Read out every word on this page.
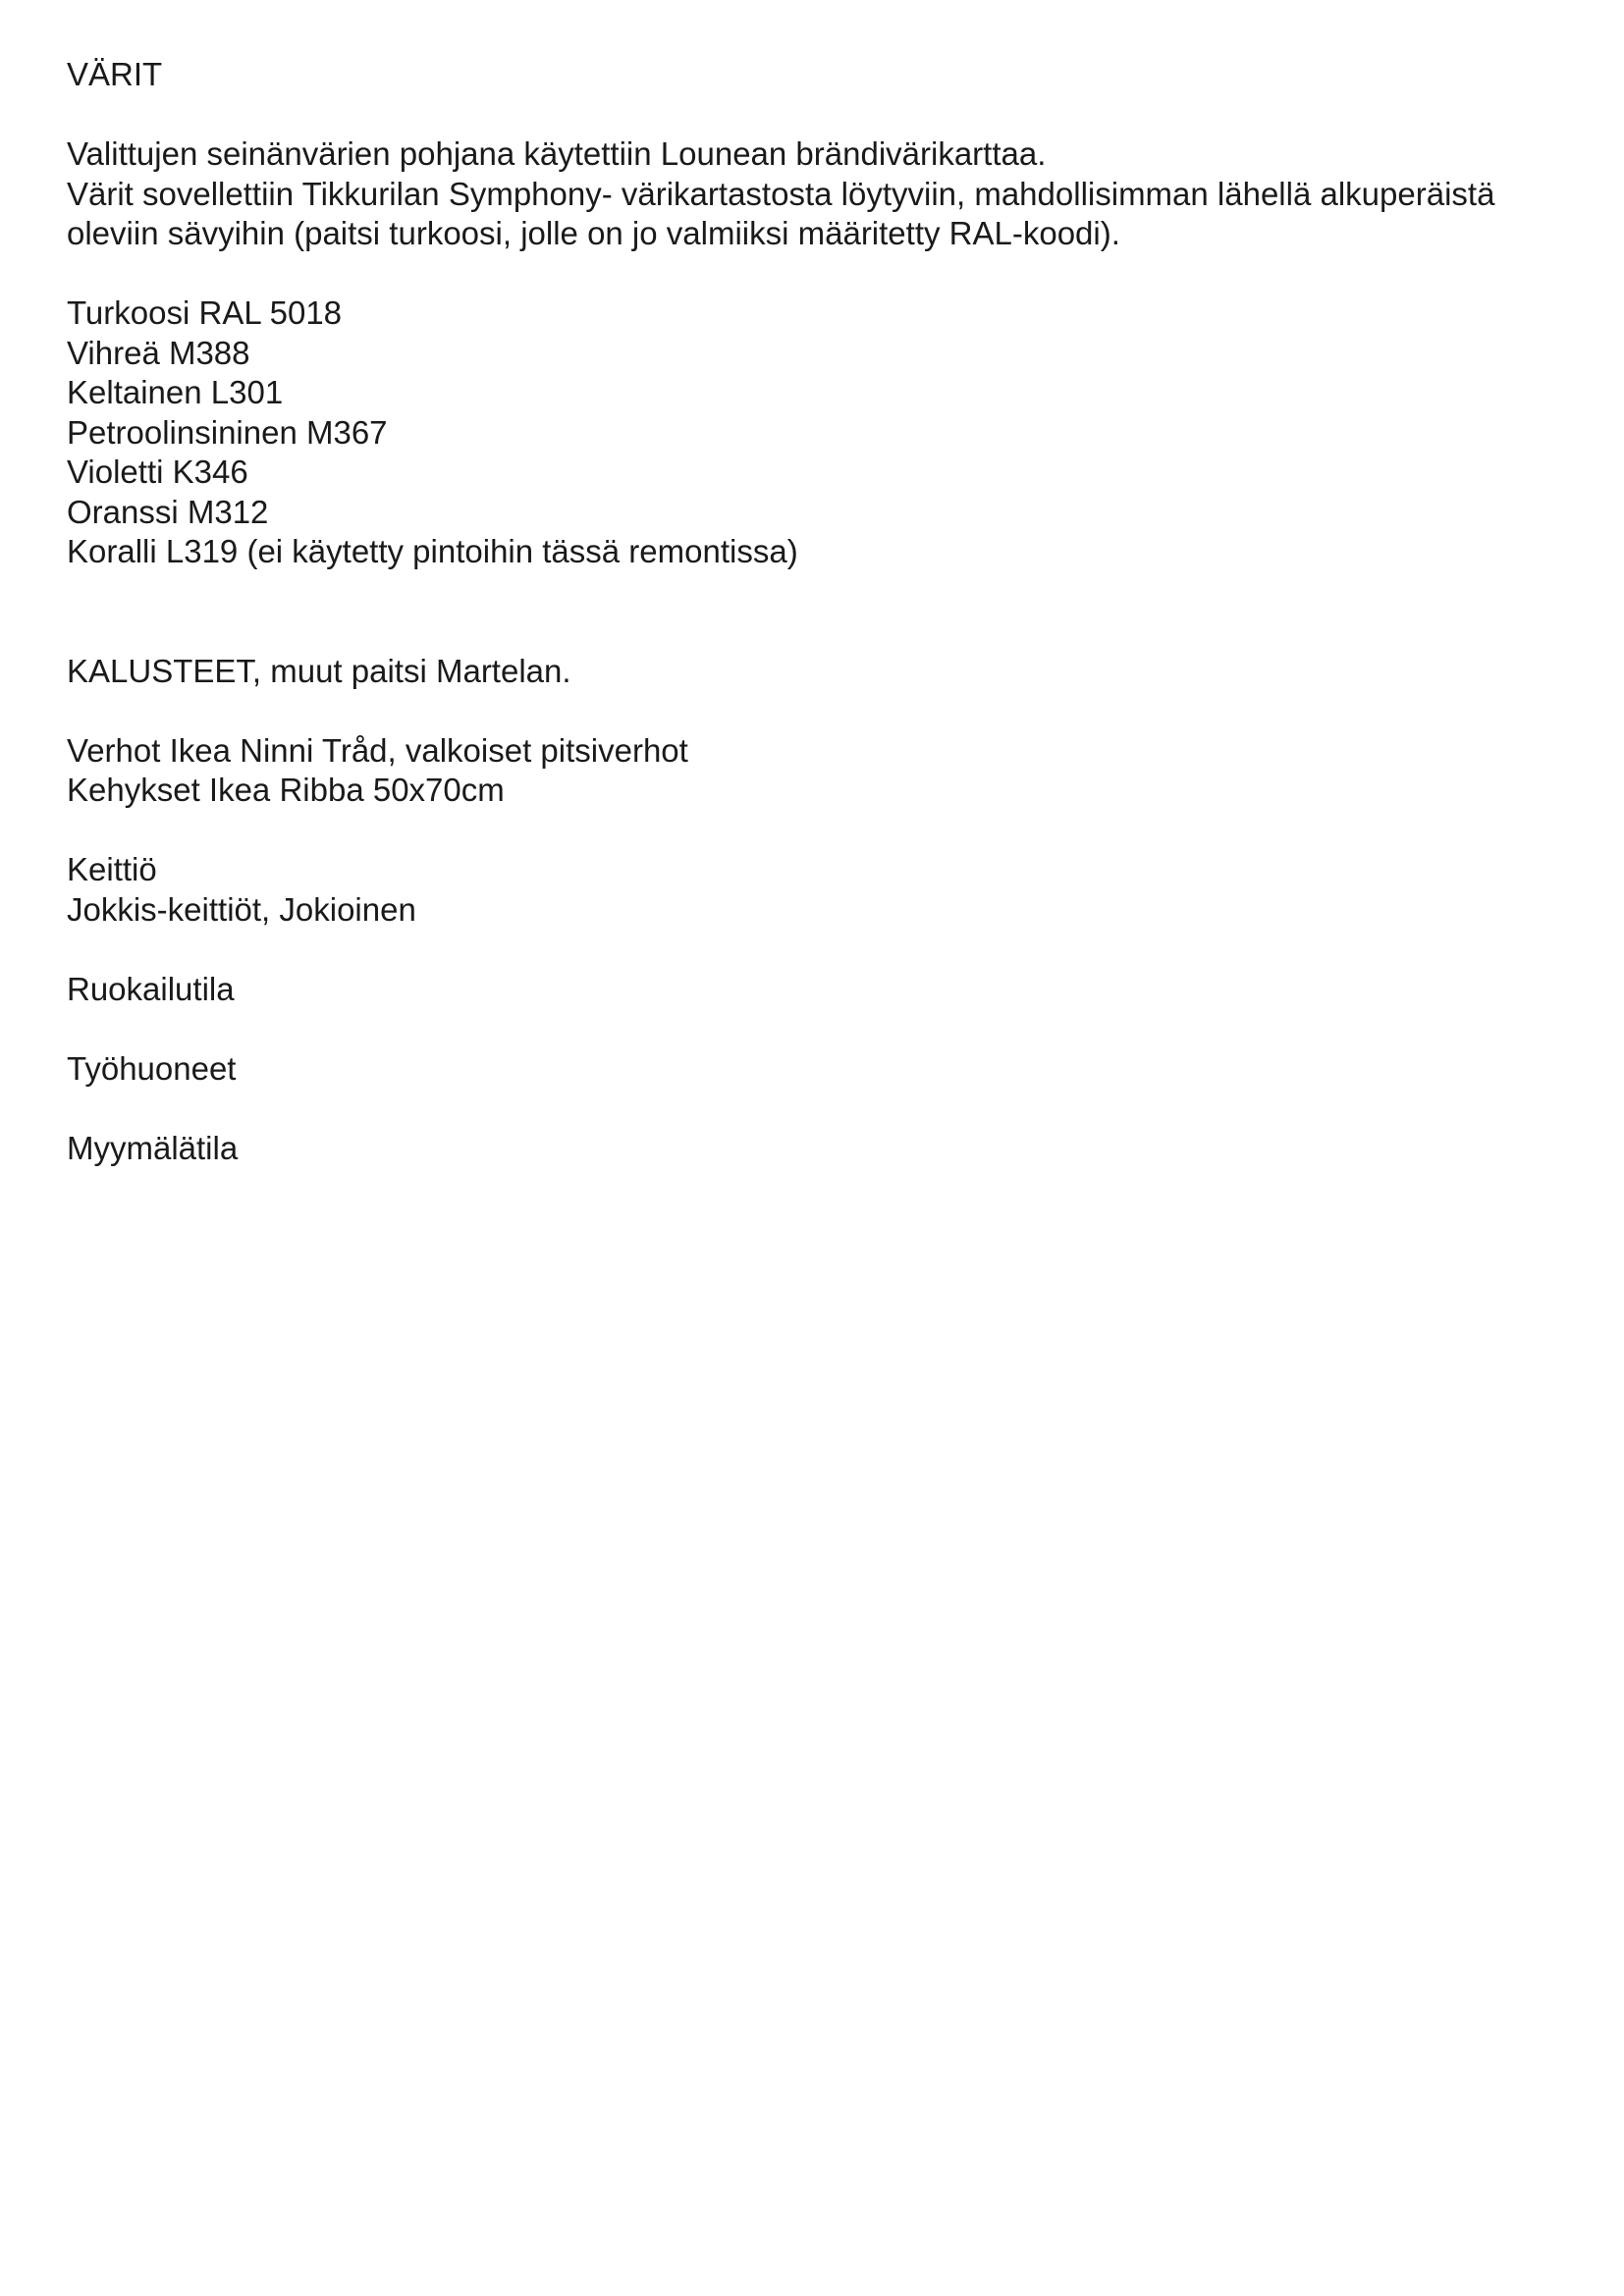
VÄRIT
Valittujen seinänvärien pohjana käytettiin Lounean brändivärikarttaa.
Värit sovellettiin Tikkurilan Symphony- värikartastosta löytyviin, mahdollisimman lähellä alkuperäistä
oleviin sävyihin (paitsi turkoosi, jolle on jo valmiiksi määritetty RAL-koodi).
Turkoosi RAL 5018
Vihreä M388
Keltainen L301
Petroolinsininen M367
Violetti K346
Oranssi M312
Koralli L319 (ei käytetty pintoihin tässä remontissa)
KALUSTEET, muut paitsi Martelan.
Verhot Ikea Ninni Tråd, valkoiset pitsiverhot
Kehykset Ikea Ribba 50x70cm
Keittiö
Jokkis-keittiöt, Jokioinen
Ruokailutila
Työhuoneet
Myymälätila
